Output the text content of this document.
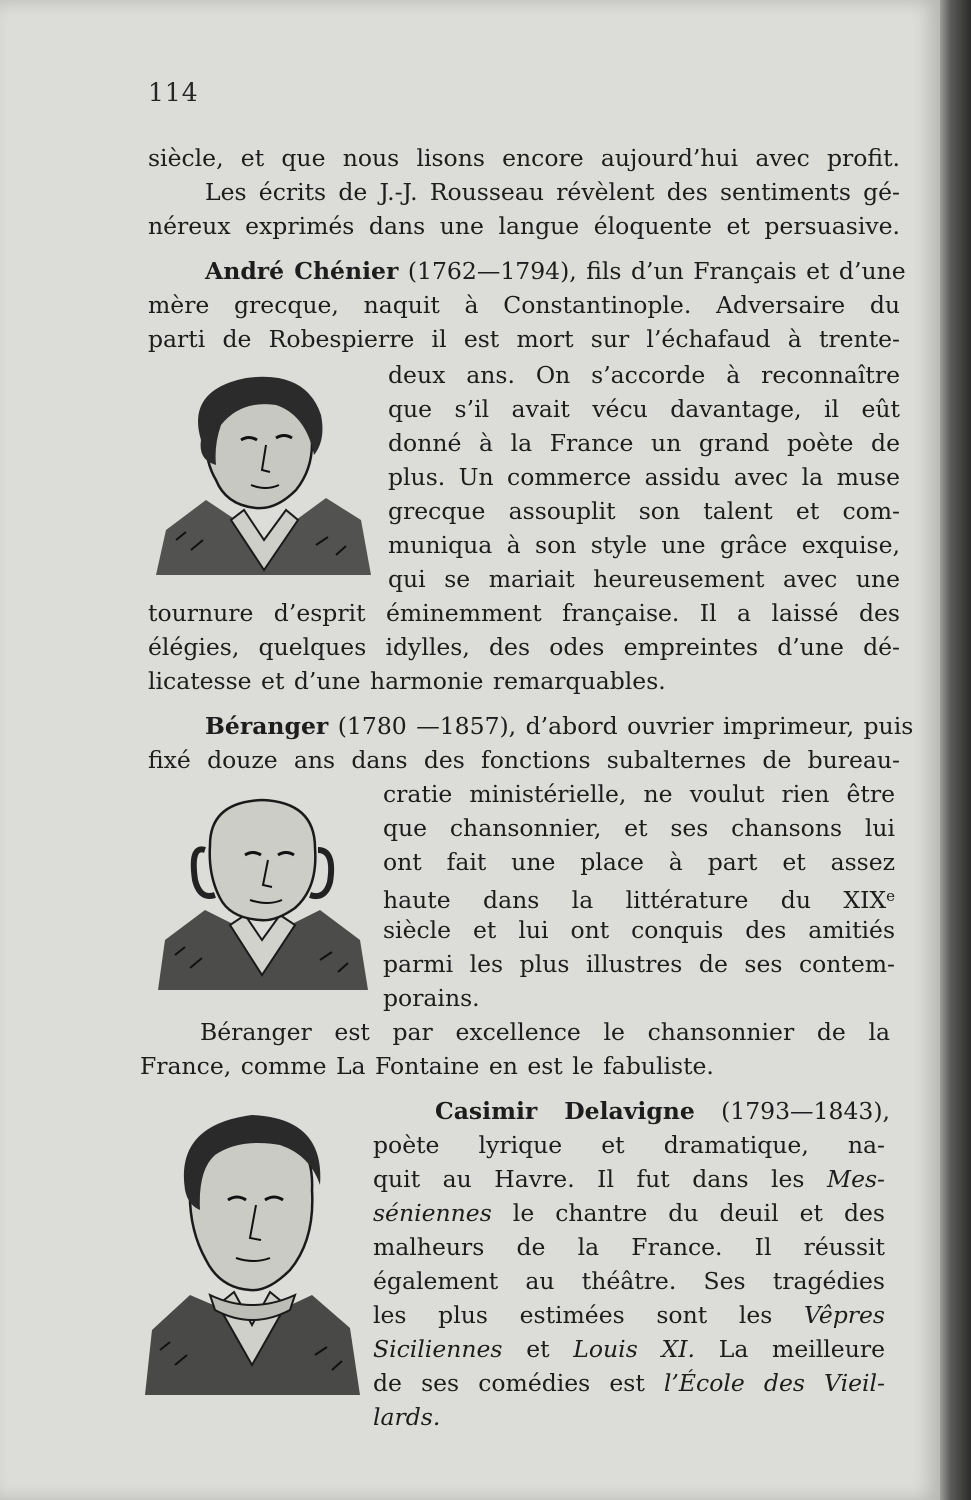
114
siècle, et que nous lisons encore aujourd’hui avec profit.
Les écrits de J.-J. Rousseau révèlent des sentiments gé-
néreux exprimés dans une langue éloquente et persuasive.
André Chénier (1762—1794), fils d’un Français et d’une
mère grecque, naquit à Constantinople. Adversaire du
parti de Robespierre il est mort sur l’échafaud à trente-
deux ans. On s’accorde à reconnaître
que s’il avait vécu davantage, il eût
donné à la France un grand poète de
plus. Un commerce assidu avec la muse
grecque assouplit son talent et com-
muniqua à son style une grâce exquise,
qui se mariait heureusement avec une
tournure d’esprit éminemment française. Il a laissé des
élégies, quelques idylles, des odes empreintes d’une dé-
licatesse et d’une harmonie remarquables.
Béranger (1780 —1857), d’abord ouvrier imprimeur, puis
fixé douze ans dans des fonctions subalternes de bureau-
cratie ministérielle, ne voulut rien être
que chansonnier, et ses chansons lui
ont fait une place à part et assez
haute dans la littérature du XIXe
siècle et lui ont conquis des amitiés
parmi les plus illustres de ses contem-
porains.
Béranger est par excellence le chansonnier de la
France, comme La Fontaine en est le fabuliste.
Casimir Delavigne (1793—1843),
poète lyrique et dramatique, na-
quit au Havre. Il fut dans les Mes-
séniennes le chantre du deuil et des
malheurs de la France. Il réussit
également au théâtre. Ses tragédies
les plus estimées sont les Vêpres
Siciliennes et Louis XI. La meilleure
de ses comédies est l’École des Vieil-
lards.
